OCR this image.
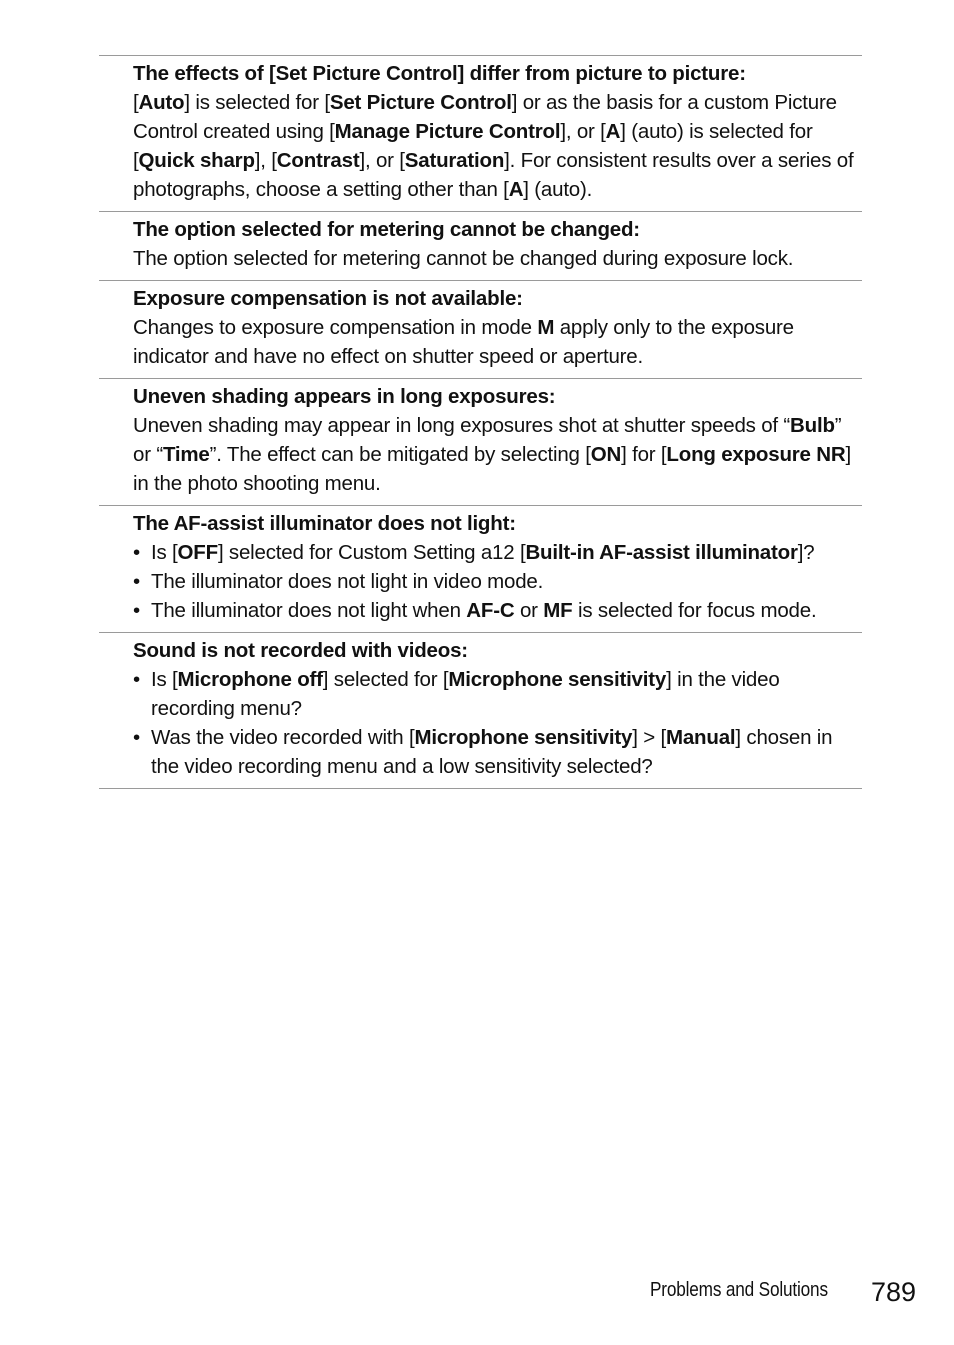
The effects of [Set Picture Control] differ from picture to picture:

[Auto] is selected for [Set Picture Control] or as the basis for a custom Picture Control created using [Manage Picture Control], or [A] (auto) is selected for [Quick sharp], [Contrast], or [Saturation]. For consistent results over a series of photographs, choose a setting other than [A] (auto).

The option selected for metering cannot be changed:

The option selected for metering cannot be changed during exposure lock.

Exposure compensation is not available:

Changes to exposure compensation in mode M apply only to the exposure indicator and have no effect on shutter speed or aperture.

Uneven shading appears in long exposures:

Uneven shading may appear in long exposures shot at shutter speeds of “Bulb” or “Time”. The effect can be mitigated by selecting [ON] for [Long exposure NR] in the photo shooting menu.

The AF-assist illuminator does not light:

• Is [OFF] selected for Custom Setting a12 [Built-in AF-assist illuminator]?
• The illuminator does not light in video mode.
• The illuminator does not light when AF-C or MF is selected for focus mode.

Sound is not recorded with videos:

• Is [Microphone off] selected for [Microphone sensitivity] in the video recording menu?
• Was the video recorded with [Microphone sensitivity] > [Manual] chosen in the video recording menu and a low sensitivity selected?
Problems and Solutions 789
